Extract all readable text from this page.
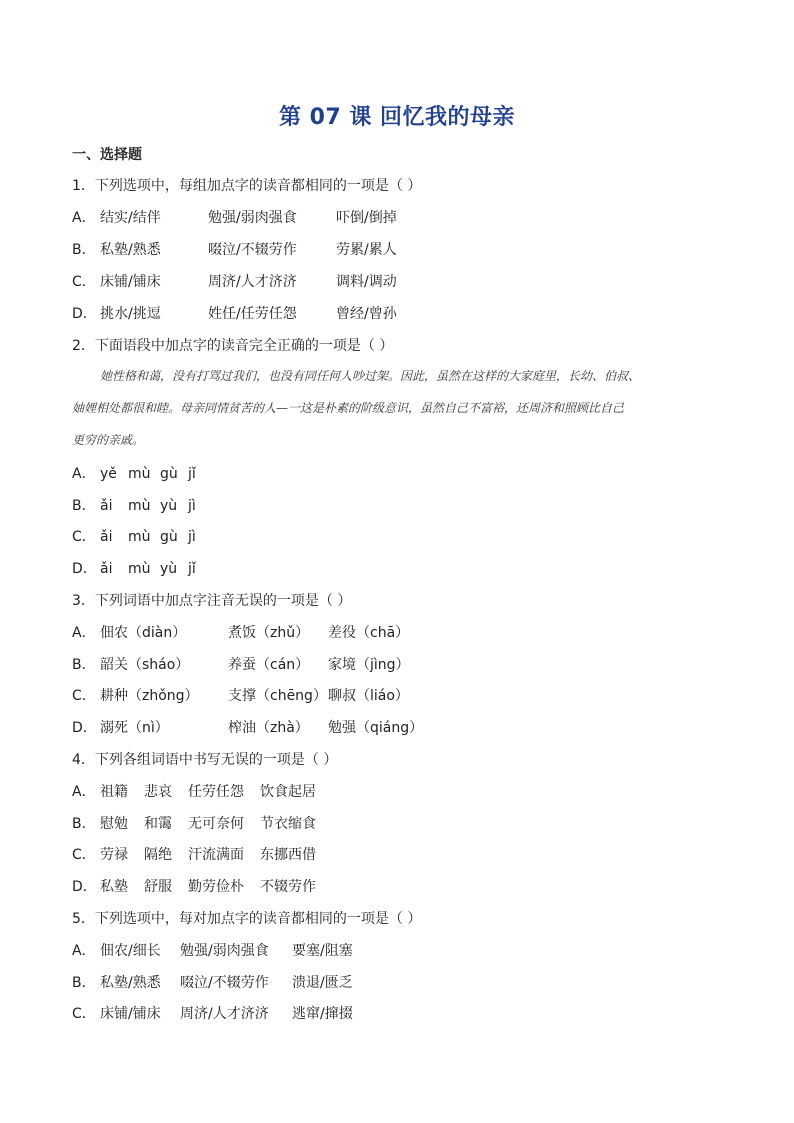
第 07 课 回忆我的母亲
一、选择题
1．下列选项中，每组加点字的读音都相同的一项是（ ）
A． 结实/结伴	勉强/弱肉强食	吓倒/倒掉
B． 私塾/熟悉	啜泣/不辍劳作	劳累/累人
C． 床铺/铺床	周济/人才济济	调料/调动
D． 挑水/挑逗	姓任/任劳任怨	曾经/曾孙
2．下面语段中加点字的读音完全正确的一项是（ ）
她性格和蔼，没有打骂过我们，也没有同任何人吵过架。因此，虽然在这样的大家庭里，长幼、伯叔、
妯娌相处都很和睦。母亲同情贫苦的人—一这是朴素的阶级意识，虽然自己不富裕，还周济和照顾比自己
更穷的亲戚。
A． yě mù gù jǐ
B． ǎi mù yù jì
C． ǎi mù gù jì
D． ǎi mù yù jǐ
3．下列词语中加点字注音无误的一项是（ ）
A． 佃农（diàn）	煮饭（zhǔ） 差役（chā）
B． 韶关（sháo）	养蚕（cán） 家境（jìng）
C． 耕种（zhǒng） 支撑（chēng）聊叔（liáo）
D． 溺死（nì）	榨油（zhà） 勉强（qiáng）
4．下列各组词语中书写无误的一项是（ ）
A． 祖籍 悲哀 任劳任怨 饮食起居
B． 慰勉 和霭 无可奈何 节衣缩食
C． 劳禄 隔绝 汗流满面 东挪西借
D． 私塾 舒服 勤劳俭朴 不辍劳作
5．下列选项中，每对加点字的读音都相同的一项是（ ）
A． 佃农/细长 勉强/弱肉强食 要塞/阻塞
B． 私塾/熟悉 啜泣/不辍劳作 溃退/匮乏
C． 床铺/铺床 周济/人才济济 逃窜/撺掇
